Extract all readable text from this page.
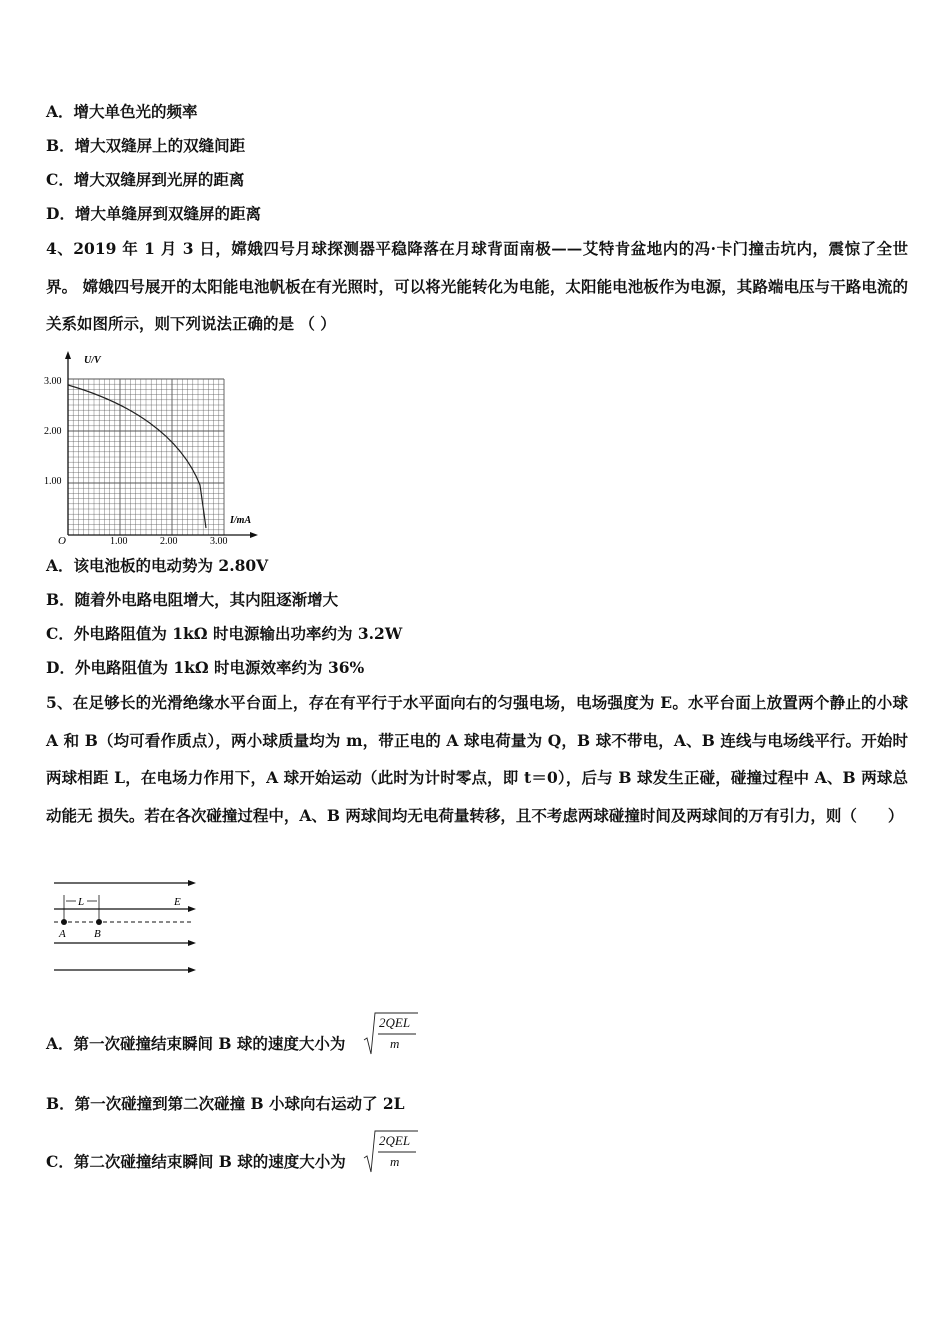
A．增大单色光的频率
B．增大双缝屏上的双缝间距
C．增大双缝屏到光屏的距离
D．增大单缝屏到双缝屏的距离
4、2019 年 1 月 3 日，嫦娥四号月球探测器平稳降落在月球背面南极——艾特肯盆地内的冯·卡门撞击坑内，震惊了全世界。 嫦娥四号展开的太阳能电池帆板在有光照时，可以将光能转化为电能，太阳能电池板作为电源，其路端电压与干路电流的关系如图所示，则下列说法正确的是 （ ）
U/V
I/mA
O
3.00
2.00
1.00
1.00	2.00	3.00
A．该电池板的电动势为 2.80V
B．随着外电路电阻增大，其内阻逐渐增大
C．外电路阻值为 1kΩ 时电源输出功率约为 3.2W
D．外电路阻值为 1kΩ 时电源效率约为 36%
5、在足够长的光滑绝缘水平台面上，存在有平行于水平面向右的匀强电场，电场强度为 E。水平台面上放置两个静止的小球 A 和 B（均可看作质点），两小球质量均为 m，带正电的 A 球电荷量为 Q，B 球不带电，A、B 连线与电场线平行。开始时两球相距 L，在电场力作用下，A 球开始运动（此时为计时零点，即 t＝0），后与 B 球发生正碰，碰撞过程中 A、B 两球总动能无 损失。若在各次碰撞过程中，A、B 两球间均无电荷量转移，且不考虑两球碰撞时间及两球间的万有引力，则（　　）
L	E
A	B
A．第一次碰撞结束瞬间 B 球的速度大小为
2QEL
m
B．第一次碰撞到第二次碰撞 B 小球向右运动了 2L
C．第二次碰撞结束瞬间 B 球的速度大小为
2QEL
m
